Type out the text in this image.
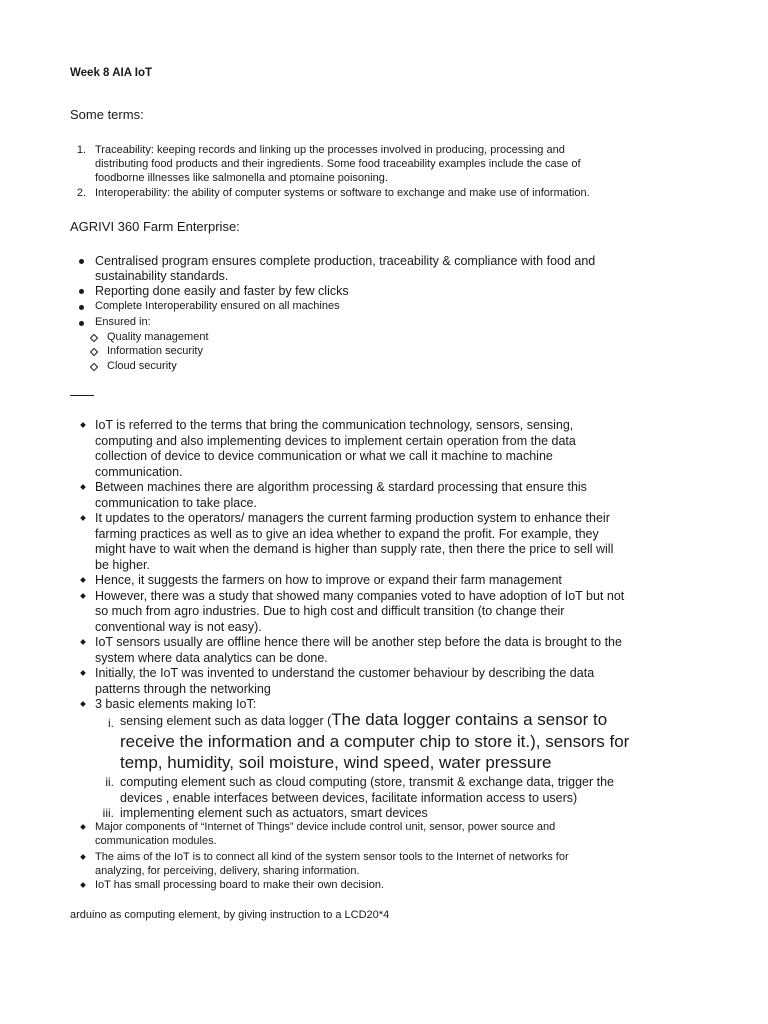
Week 8 AIA IoT
Some terms:
1. Traceability: keeping records and linking up the processes involved in producing, processing and
distributing food products and their ingredients. Some food traceability examples include the case of
foodborne illnesses like salmonella and ptomaine poisoning.
2. Interoperability: the ability of computer systems or software to exchange and make use of information.
AGRIVI 360 Farm Enterprise:
Centralised program ensures complete production, traceability & compliance with food and
sustainability standards.
Reporting done easily and faster by few clicks
Complete Interoperability ensured on all machines
Ensured in:
Quality management
Information security
Cloud security
IoT is referred to the terms that bring the communication technology, sensors, sensing,
computing and also implementing devices to implement certain operation from the data
collection of device to device communication or what we call it machine to machine
communication.
Between machines there are algorithm processing & stardard processing that ensure this
communication to take place.
It updates to the operators/ managers the current farming production system to enhance their
farming practices as well as to give an idea whether to expand the profit. For example, they
might have to wait when the demand is higher than supply rate, then there the price to sell will
be higher.
Hence, it suggests the farmers on how to improve or expand their farm management
However, there was a study that showed many companies voted to have adoption of IoT but not
so much from agro industries. Due to high cost and difficult transition (to change their
conventional way is not easy).
IoT sensors usually are offline hence there will be another step before the data is brought to the
system where data analytics can be done.
Initially, the IoT was invented to understand the customer behaviour by describing the data
patterns through the networking
3 basic elements making IoT:
i. sensing element such as data logger (The data logger contains a sensor to
receive the information and a computer chip to store it.), sensors for
temp, humidity, soil moisture, wind speed, water pressure
ii. computing element such as cloud computing (store, transmit & exchange data, trigger the
devices , enable interfaces between devices, facilitate information access to users)
iii. implementing element such as actuators, smart devices
Major components of “Internet of Things” device include control unit, sensor, power source and
communication modules.
The aims of the IoT is to connect all kind of the system sensor tools to the Internet of networks for
analyzing, for perceiving, delivery, sharing information.
IoT has small processing board to make their own decision.
arduino as computing element, by giving instruction to a LCD20*4
